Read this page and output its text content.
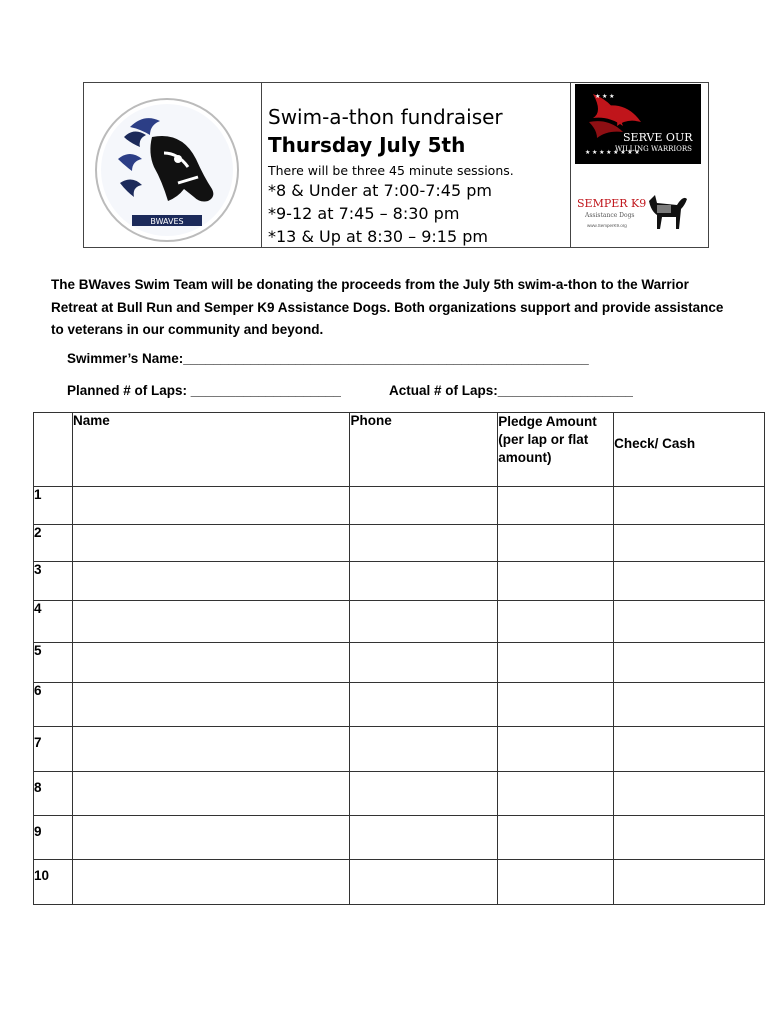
BWAVES
Swim-a-thon fundraiser
Thursday July 5th
There will be three 45 minute sessions.
*8 & Under at 7:00-7:45 pm
*9-12 at 7:45 – 8:30 pm
*13 & Up at 8:30 – 9:15 pm
★ ★ ★
★ ★ ★ ★ ★ ★ ★ ★
SERVE OUR
WILLING WARRIORS
SEMPER K9
Assistance Dogs
www.SemperK9.org
The BWaves Swim Team will be donating the proceeds from the July 5th swim-a-thon to the Warrior Retreat at Bull Run and Semper K9 Assistance Dogs. Both organizations support and provide assistance to veterans in our community and beyond.
Swimmer’s Name:______________________________________________________
Planned # of Laps: ____________________	Actual # of Laps:__________________
	Name	Phone	Pledge Amount (per lap or flat amount)	Check/ Cash
1				
2				
3				
4				
5				
6				
7				
8				
9				
10				
